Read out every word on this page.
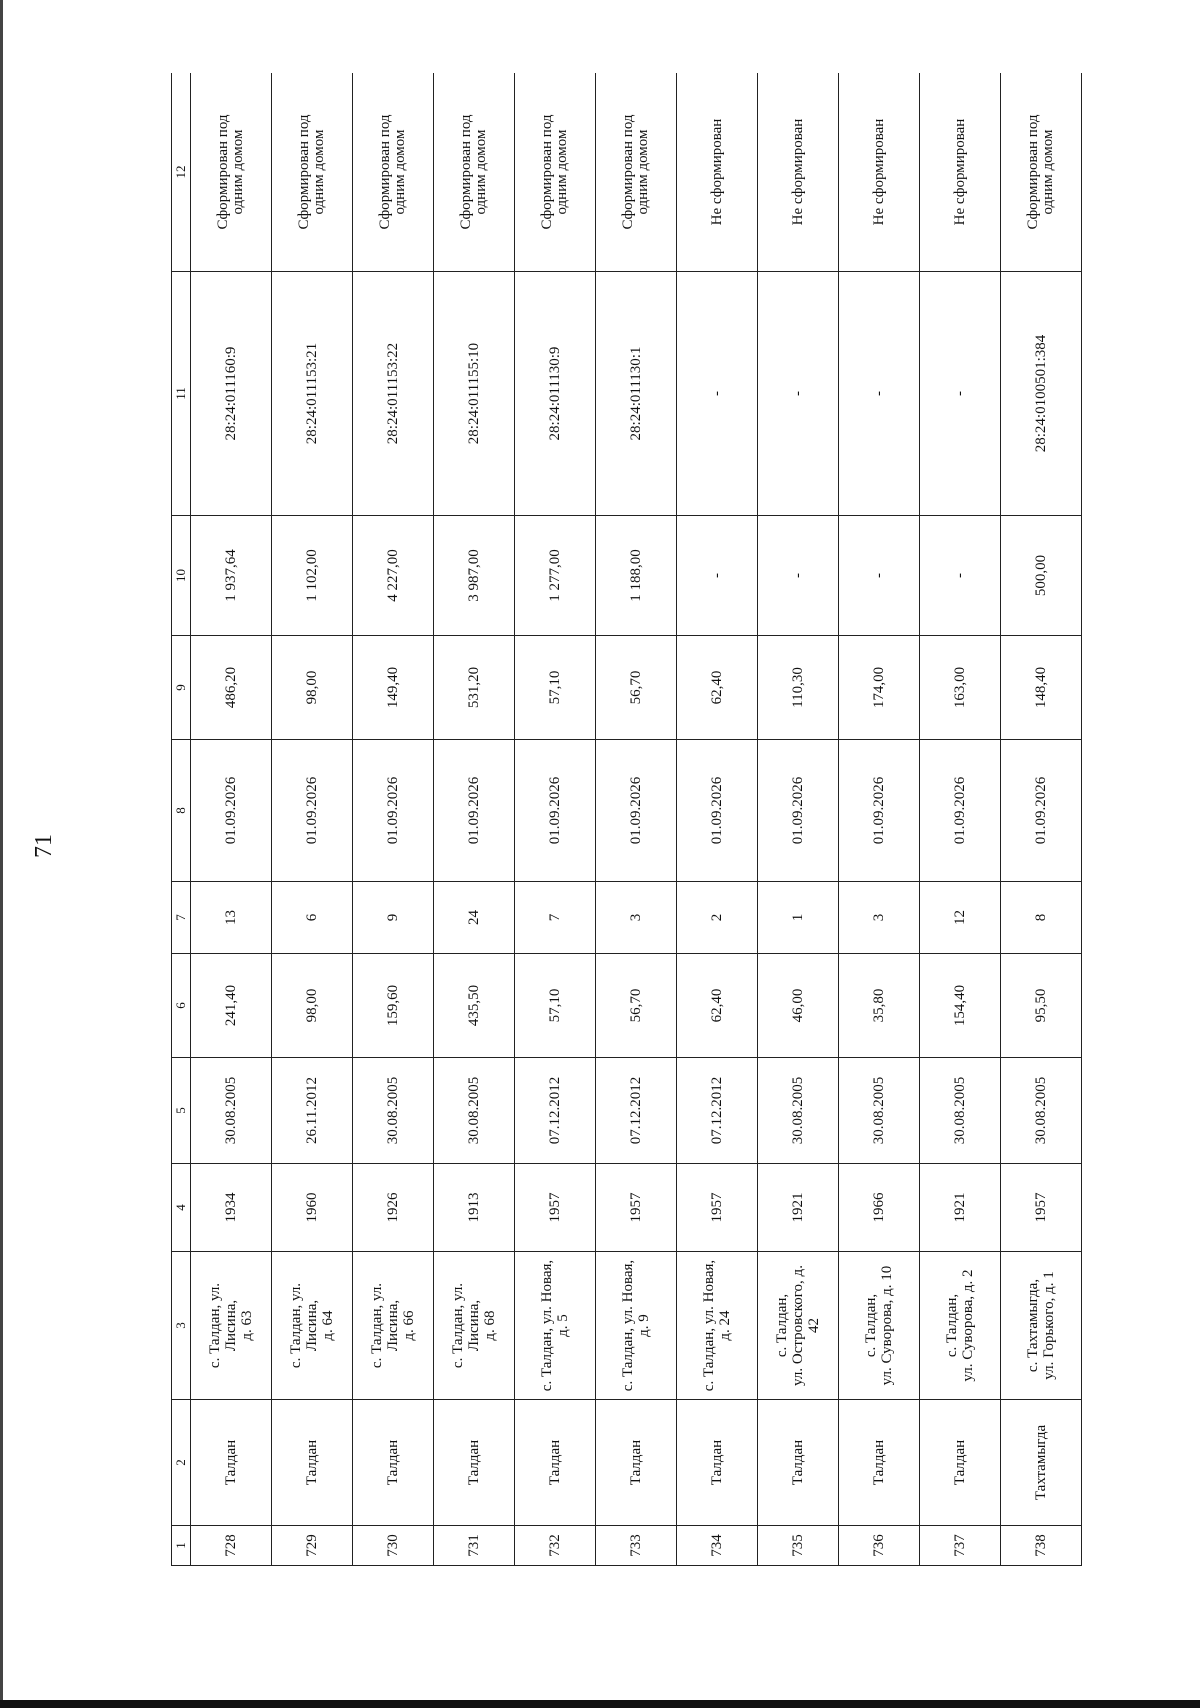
71
1	2	3	4	5	6	7	8	9	10	11	12
728	Талдан	с. Талдан, ул. Лисина,
д. 63	1934	30.08.2005	241,40	13	01.09.2026	486,20	1 937,64	28:24:011160:9	Сформирован под
одним домом
729	Талдан	с. Талдан, ул. Лисина,
д. 64	1960	26.11.2012	98,00	6	01.09.2026	98,00	1 102,00	28:24:011153:21	Сформирован под
одним домом
730	Талдан	с. Талдан, ул. Лисина,
д. 66	1926	30.08.2005	159,60	9	01.09.2026	149,40	4 227,00	28:24:011153:22	Сформирован под
одним домом
731	Талдан	с. Талдан, ул. Лисина,
д. 68	1913	30.08.2005	435,50	24	01.09.2026	531,20	3 987,00	28:24:011155:10	Сформирован под
одним домом
732	Талдан	с. Талдан, ул. Новая,
д. 5	1957	07.12.2012	57,10	7	01.09.2026	57,10	1 277,00	28:24:011130:9	Сформирован под
одним домом
733	Талдан	с. Талдан, ул. Новая,
д. 9	1957	07.12.2012	56,70	3	01.09.2026	56,70	1 188,00	28:24:011130:1	Сформирован под
одним домом
734	Талдан	с. Талдан, ул. Новая,
д. 24	1957	07.12.2012	62,40	2	01.09.2026	62,40	-	-	Не сформирован
735	Талдан	с. Талдан,
ул. Островского, д. 42	1921	30.08.2005	46,00	1	01.09.2026	110,30	-	-	Не сформирован
736	Талдан	с. Талдан,
ул. Суворова, д. 10	1966	30.08.2005	35,80	3	01.09.2026	174,00	-	-	Не сформирован
737	Талдан	с. Талдан,
ул. Суворова, д. 2	1921	30.08.2005	154,40	12	01.09.2026	163,00	-	-	Не сформирован
738	Тахтамыгда	с. Тахтамыгда,
ул. Горького, д. 1	1957	30.08.2005	95,50	8	01.09.2026	148,40	500,00	28:24:0100501:384	Сформирован под
одним домом
